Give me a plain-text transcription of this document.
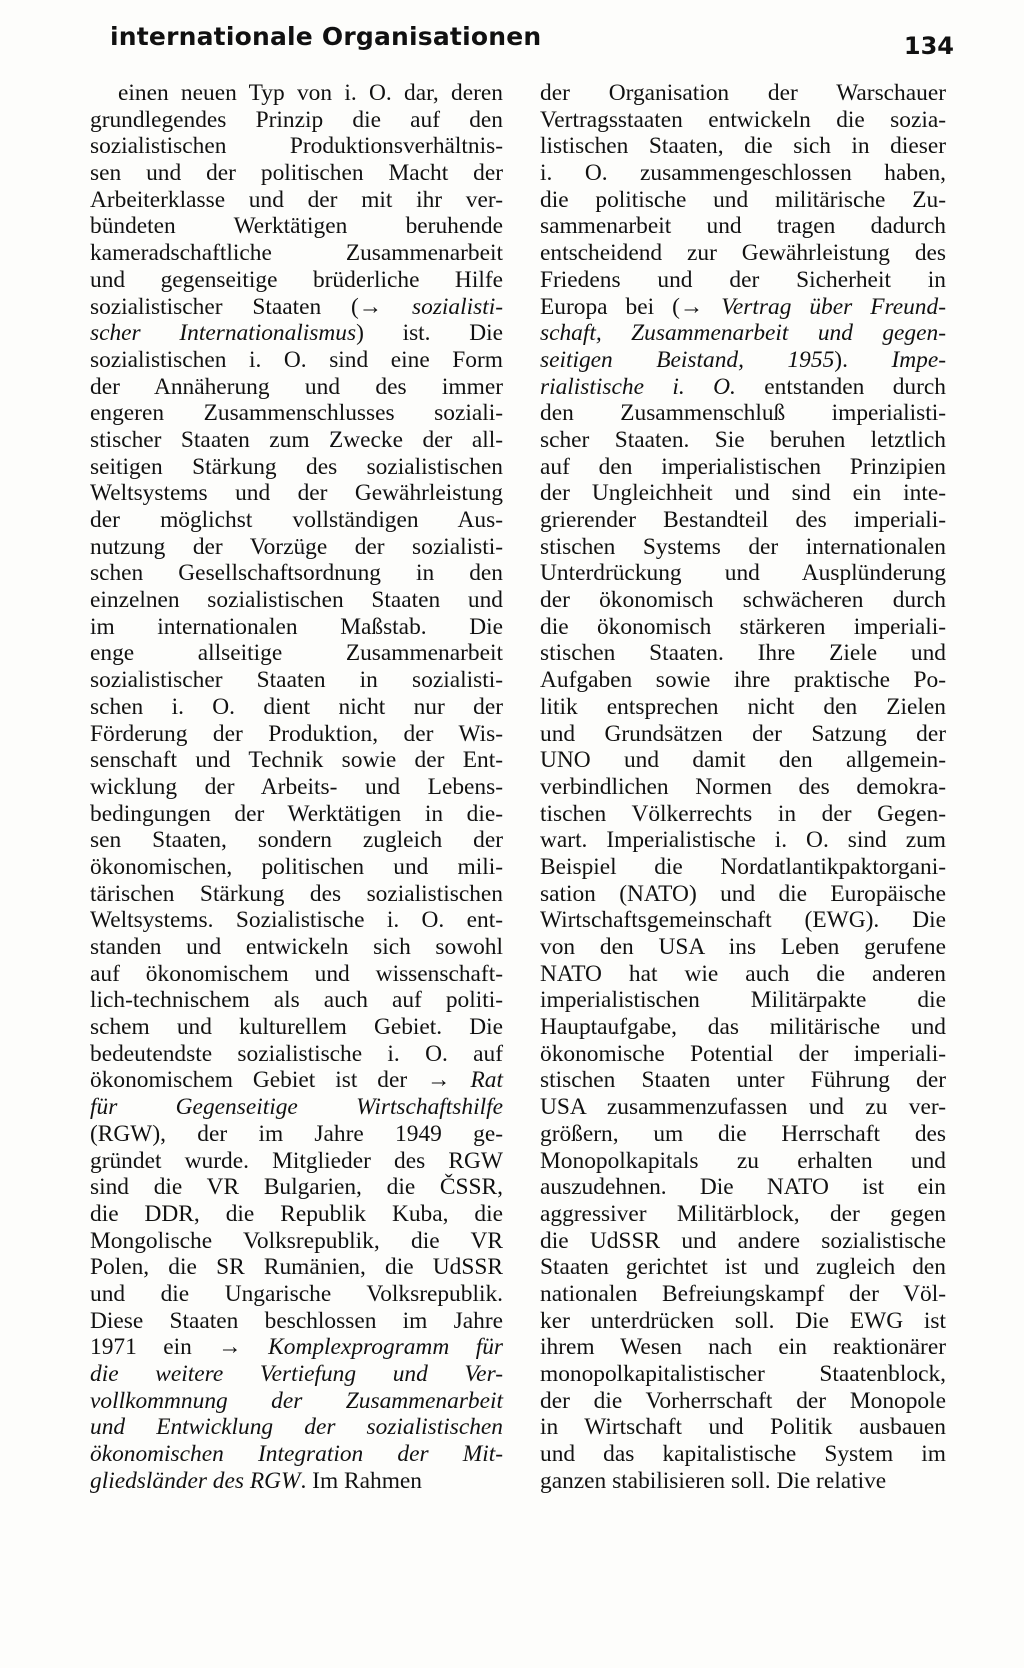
internationale Organisationen	134
einen neuen Typ von i. O. dar, deren
grundlegendes Prinzip die auf den
sozialistischen Produktionsverhältnis-
sen und der politischen Macht der
Arbeiterklasse und der mit ihr ver-
bündeten Werktätigen beruhende
kameradschaftliche Zusammenarbeit
und gegenseitige brüderliche Hilfe
sozialistischer Staaten (→ sozialisti-
scher Internationalismus) ist. Die
sozialistischen i. O. sind eine Form
der Annäherung und des immer
engeren Zusammenschlusses soziali-
stischer Staaten zum Zwecke der all-
seitigen Stärkung des sozialistischen
Weltsystems und der Gewährleistung
der möglichst vollständigen Aus-
nutzung der Vorzüge der sozialisti-
schen Gesellschaftsordnung in den
einzelnen sozialistischen Staaten und
im internationalen Maßstab. Die
enge allseitige Zusammenarbeit
sozialistischer Staaten in sozialisti-
schen i. O. dient nicht nur der
Förderung der Produktion, der Wis-
senschaft und Technik sowie der Ent-
wicklung der Arbeits- und Lebens-
bedingungen der Werktätigen in die-
sen Staaten, sondern zugleich der
ökonomischen, politischen und mili-
tärischen Stärkung des sozialistischen
Weltsystems. Sozialistische i. O. ent-
standen und entwickeln sich sowohl
auf ökonomischem und wissenschaft-
lich-technischem als auch auf politi-
schem und kulturellem Gebiet. Die
bedeutendste sozialistische i. O. auf
ökonomischem Gebiet ist der → Rat
für Gegenseitige Wirtschaftshilfe
(RGW), der im Jahre 1949 ge-
gründet wurde. Mitglieder des RGW
sind die VR Bulgarien, die ČSSR,
die DDR, die Republik Kuba, die
Mongolische Volksrepublik, die VR
Polen, die SR Rumänien, die UdSSR
und die Ungarische Volksrepublik.
Diese Staaten beschlossen im Jahre
1971 ein → Komplexprogramm für
die weitere Vertiefung und Ver-
vollkommnung der Zusammenarbeit
und Entwicklung der sozialistischen
ökonomischen Integration der Mit-
gliedsländer des RGW. Im Rahmen
der Organisation der Warschauer
Vertragsstaaten entwickeln die sozia-
listischen Staaten, die sich in dieser
i. O. zusammengeschlossen haben,
die politische und militärische Zu-
sammenarbeit und tragen dadurch
entscheidend zur Gewährleistung des
Friedens und der Sicherheit in
Europa bei (→ Vertrag über Freund-
schaft, Zusammenarbeit und gegen-
seitigen Beistand, 1955). Impe-
rialistische i. O. entstanden durch
den Zusammenschluß imperialisti-
scher Staaten. Sie beruhen letztlich
auf den imperialistischen Prinzipien
der Ungleichheit und sind ein inte-
grierender Bestandteil des imperiali-
stischen Systems der internationalen
Unterdrückung und Ausplünderung
der ökonomisch schwächeren durch
die ökonomisch stärkeren imperiali-
stischen Staaten. Ihre Ziele und
Aufgaben sowie ihre praktische Po-
litik entsprechen nicht den Zielen
und Grundsätzen der Satzung der
UNO und damit den allgemein-
verbindlichen Normen des demokra-
tischen Völkerrechts in der Gegen-
wart. Imperialistische i. O. sind zum
Beispiel die Nordatlantikpaktorgani-
sation (NATO) und die Europäische
Wirtschaftsgemeinschaft (EWG). Die
von den USA ins Leben gerufene
NATO hat wie auch die anderen
imperialistischen Militärpakte die
Hauptaufgabe, das militärische und
ökonomische Potential der imperiali-
stischen Staaten unter Führung der
USA zusammenzufassen und zu ver-
größern, um die Herrschaft des
Monopolkapitals zu erhalten und
auszudehnen. Die NATO ist ein
aggressiver Militärblock, der gegen
die UdSSR und andere sozialistische
Staaten gerichtet ist und zugleich den
nationalen Befreiungskampf der Völ-
ker unterdrücken soll. Die EWG ist
ihrem Wesen nach ein reaktionärer
monopolkapitalistischer Staatenblock,
der die Vorherrschaft der Monopole
in Wirtschaft und Politik ausbauen
und das kapitalistische System im
ganzen stabilisieren soll. Die relative
